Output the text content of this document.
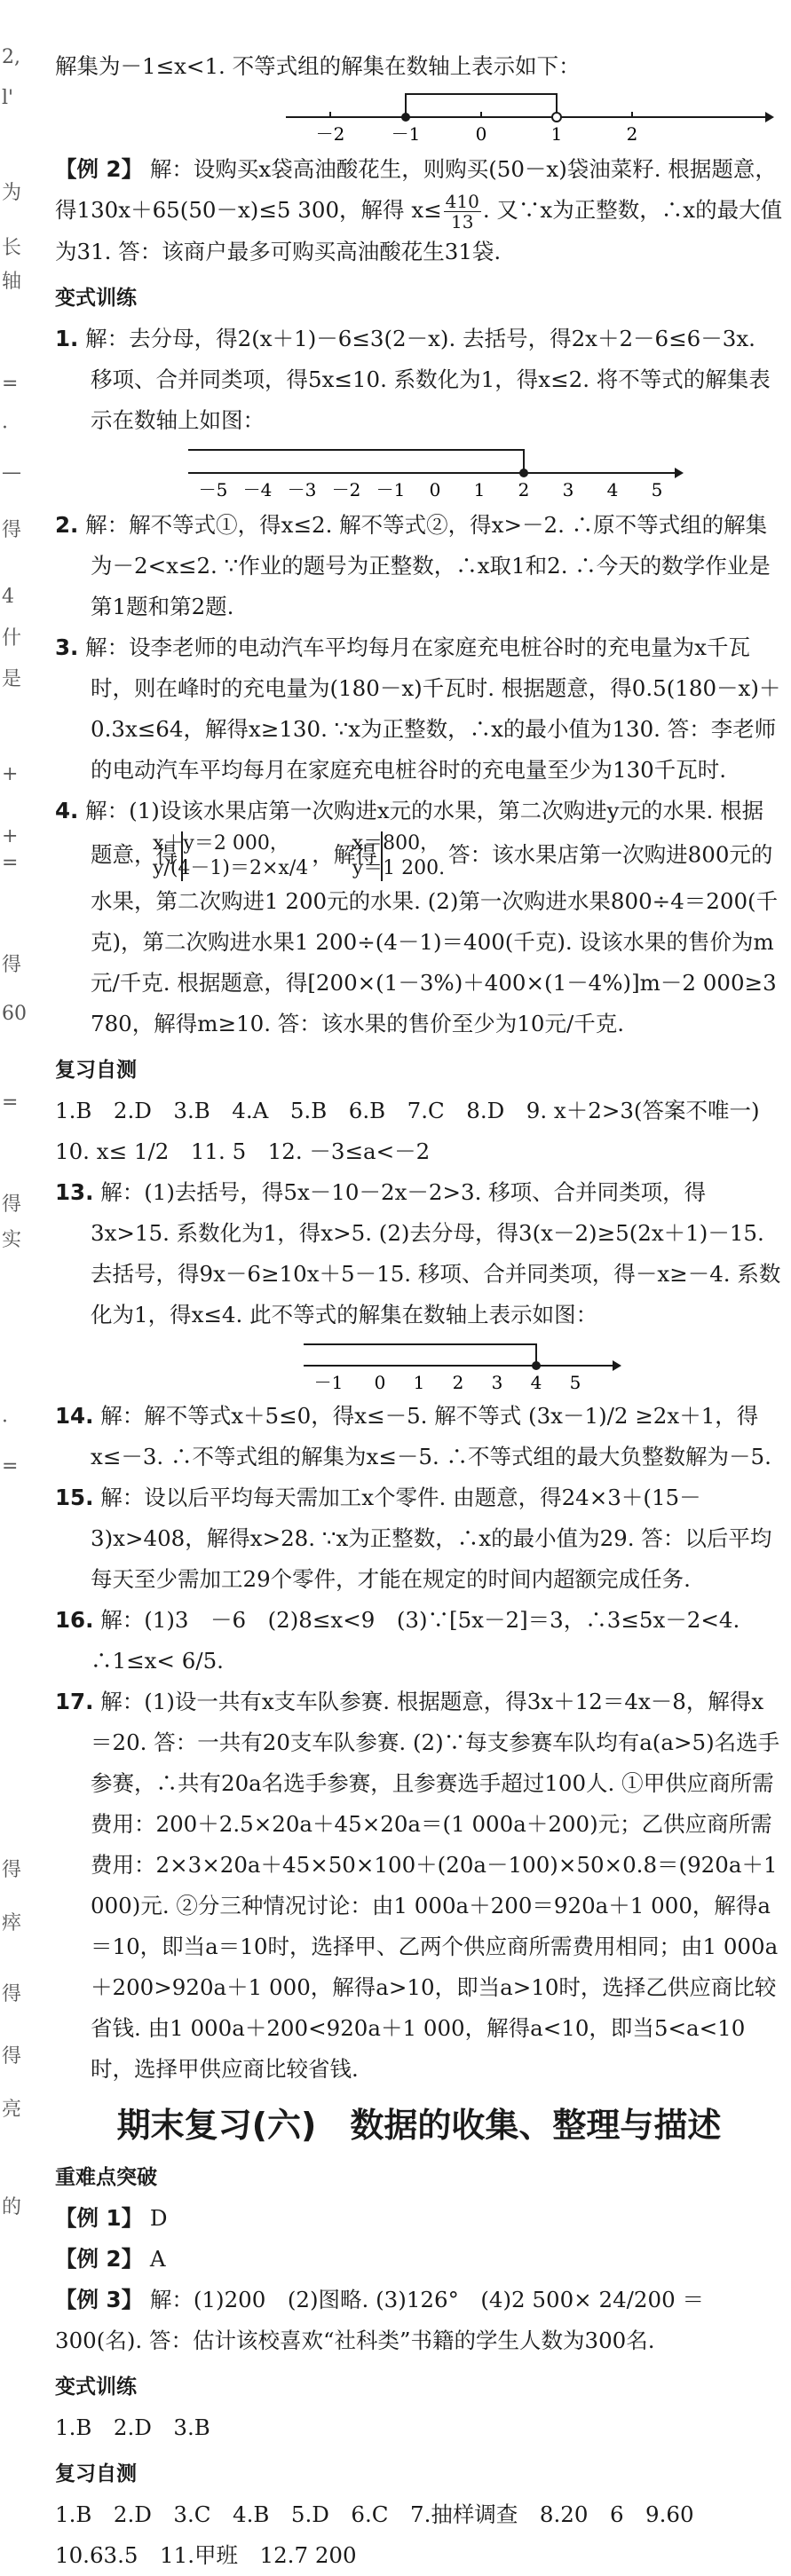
2,
l'
为
长
轴
=
·
—
得
4
什
是
+
+
=
得
60
=
得
实
·
=
得
瘁
得
得
亮
的

解集为－1≤x<1. 不等式组的解集在数轴上表示如下：

－2	－1	0	1	2

【例 2】 解：设购买x袋高油酸花生，则购买(50－x)袋油菜籽. 根据题意，得130x＋65(50－x)≤5 300，解得 $x\le \frac{410}{13}$ . 又∵x为正整数，∴x的最大值为31. 答：该商户最多可购买高油酸花生31袋.

变式训练

1. 解：去分母，得2(x＋1)－6≤3(2－x). 去括号，得2x＋2－6≤6－3x. 移项、合并同类项，得5x≤10. 系数化为1，得x≤2. 将不等式的解集表示在数轴上如图：

－5 －4 －3 －2 －1 0 1 2 3 4 5

2. 解：解不等式①，得x≤2. 解不等式②，得x>－2. ∴原不等式组的解集为－2<x≤2. ∵作业的题号为正整数，∴x取1和2. ∴今天的数学作业是第1题和第2题.

3. 解：设李老师的电动汽车平均每月在家庭充电桩谷时的充电量为x千瓦时，则在峰时的充电量为(180－x)千瓦时. 根据题意，得0.5(180－x)＋0.3x≤64，解得x≥130. ∵x为正整数，∴x的最小值为130. 答：李老师的电动汽车平均每月在家庭充电桩谷时的充电量至少为130千瓦时.

4. 解：(1)设该水果店第一次购进x元的水果，第二次购进y元的水果. 根据题意，得
x＋y＝2 000，
y/(4－1)＝2×x/4
，解得
x＝800，
y＝1 200.
答：该水果店第一次购进800元的水果，第二次购进1 200元的水果. (2)第一次购进水果800÷4＝200(千克)，第二次购进水果1 200÷(4－1)＝400(千克). 设该水果的售价为m元/千克. 根据题意，得[200×(1－3%)＋400×(1－4%)]m－2 000≥3 780，解得m≥10. 答：该水果的售价至少为10元/千克.

复习自测

1.B　2.D　3.B　4.A　5.B　6.B　7.C　8.D　9. x＋2>3(答案不唯一)　10. x≤ 1/2　11. 5　12. －3≤a<－2

13. 解：(1)去括号，得5x－10－2x－2>3. 移项、合并同类项，得3x>15. 系数化为1，得x>5. (2)去分母，得3(x－2)≥5(2x＋1)－15. 去括号，得9x－6≥10x＋5－15. 移项、合并同类项，得－x≥－4. 系数化为1，得x≤4. 此不等式的解集在数轴上表示如图：

－1 0 1 2 3 4 5

14. 解：解不等式x＋5≤0，得x≤－5. 解不等式 (3x－1)/2 ≥2x＋1，得x≤－3. ∴不等式组的解集为x≤－5. ∴不等式组的最大负整数解为－5.

15. 解：设以后平均每天需加工x个零件. 由题意，得24×3＋(15－3)x>408，解得x>28. ∵x为正整数，∴x的最小值为29. 答：以后平均每天至少需加工29个零件，才能在规定的时间内超额完成任务.

16. 解：(1)3　－6　(2)8≤x<9　(3)∵[5x－2]＝3，∴3≤5x－2<4. ∴1≤x< 6/5.

17. 解：(1)设一共有x支车队参赛. 根据题意，得3x＋12＝4x－8，解得x＝20. 答：一共有20支车队参赛. (2)∵每支参赛车队均有a(a>5)名选手参赛，∴共有20a名选手参赛，且参赛选手超过100人. ①甲供应商所需费用：200＋2.5×20a＋45×20a＝(1 000a＋200)元；乙供应商所需费用：2×3×20a＋45×50×100＋(20a－100)×50×0.8＝(920a＋1 000)元. ②分三种情况讨论：由1 000a＋200＝920a＋1 000，解得a＝10，即当a＝10时，选择甲、乙两个供应商所需费用相同；由1 000a＋200>920a＋1 000，解得a>10，即当a>10时，选择乙供应商比较省钱. 由1 000a＋200<920a＋1 000，解得a<10，即当5<a<10时，选择甲供应商比较省钱.

期末复习(六)　数据的收集、整理与描述

重难点突破

【例 1】 D

【例 2】 A

【例 3】 解：(1)200　(2)图略. (3)126°　(4)2 500× 24/200 ＝300(名). 答：估计该校喜欢“社科类”书籍的学生人数为300名.

变式训练

1.B　2.D　3.B

复习自测

1.B　2.D　3.C　4.B　5.D　6.C　7.抽样调查　8.20　6　9.60

10.63.5　11.甲班　12.7 200
